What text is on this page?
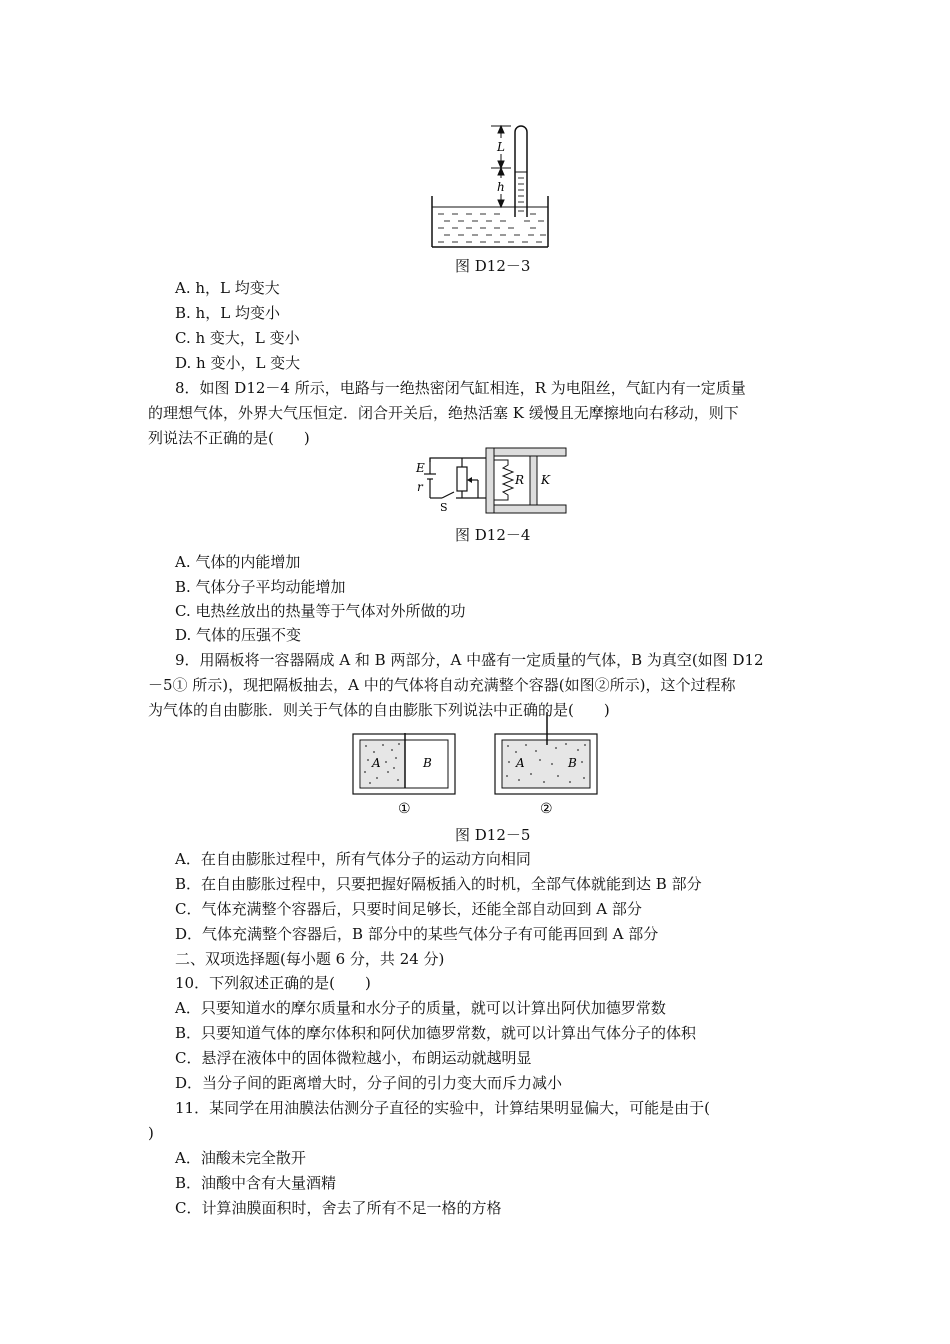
L
h
图 D12－3
A. h，L 均变大
B. h，L 均变小
C. h 变大，L 变小
D. h 变小，L 变大
8．如图 D12－4 所示，电路与一绝热密闭气缸相连，R 为电阻丝，气缸内有一定质量
的理想气体，外界大气压恒定．闭合开关后，绝热活塞 K 缓慢且无摩擦地向右移动，则下
列说法不正确的是(　　)
E
r
S
R K
图 D12－4
A. 气体的内能增加
B. 气体分子平均动能增加
C. 电热丝放出的热量等于气体对外所做的功
D. 气体的压强不变
9．用隔板将一容器隔成 A 和 B 两部分，A 中盛有一定质量的气体，B 为真空(如图 D12
－5① 所示)，现把隔板抽去，A 中的气体将自动充满整个容器(如图②所示)，这个过程称
为气体的自由膨胀．则关于气体的自由膨胀下列说法中正确的是(　　)
A	B	A	B
①	②
图 D12－5
A．在自由膨胀过程中，所有气体分子的运动方向相同
B．在自由膨胀过程中，只要把握好隔板插入的时机，全部气体就能到达 B 部分
C．气体充满整个容器后，只要时间足够长，还能全部自动回到 A 部分
D．气体充满整个容器后，B 部分中的某些气体分子有可能再回到 A 部分
二、双项选择题(每小题 6 分，共 24 分)
10．下列叙述正确的是(　　)
A．只要知道水的摩尔质量和水分子的质量，就可以计算出阿伏加德罗常数
B．只要知道气体的摩尔体积和阿伏加德罗常数，就可以计算出气体分子的体积
C．悬浮在液体中的固体微粒越小，布朗运动就越明显
D．当分子间的距离增大时，分子间的引力变大而斥力减小
11．某同学在用油膜法估测分子直径的实验中，计算结果明显偏大，可能是由于(
)
A．油酸未完全散开
B．油酸中含有大量酒精
C．计算油膜面积时，舍去了所有不足一格的方格
